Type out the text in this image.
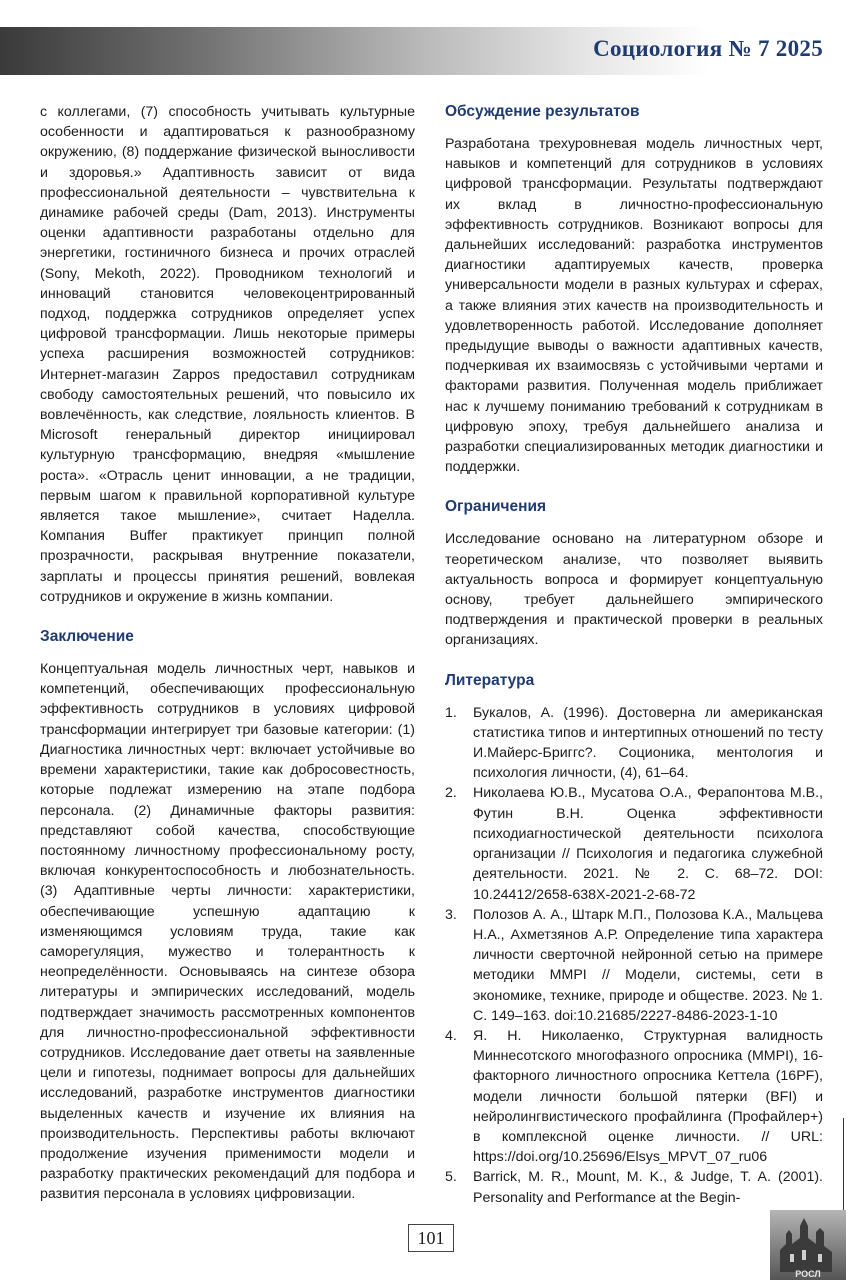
Социология № 7 2025

с коллегами, (7) способность учитывать культурные особенности и адаптироваться к разнообразному окружению, (8) поддержание физической выносливости и здоровья.» Адаптивность зависит от вида профессиональной деятельности – чувствительна к динамике рабочей среды (Dam, 2013). Инструменты оценки адаптивности разработаны отдельно для энергетики, гостиничного бизнеса и прочих отраслей (Sony, Mekoth, 2022). Проводником технологий и инноваций становится человекоцентрированный подход, поддержка сотрудников определяет успех цифровой трансформации. Лишь некоторые примеры успеха расширения возможностей сотрудников: Интернет-магазин Zappos предоставил сотрудникам свободу самостоятельных решений, что повысило их вовлечённость, как следствие, лояльность клиентов. В Microsoft генеральный директор инициировал культурную трансформацию, внедряя «мышление роста». «Отрасль ценит инновации, а не традиции, первым шагом к правильной корпоративной культуре является такое мышление», считает Наделла. Компания Buffer практикует принцип полной прозрачности, раскрывая внутренние показатели, зарплаты и процессы принятия решений, вовлекая сотрудников и окружение в жизнь компании.

Заключение

Концептуальная модель личностных черт, навыков и компетенций, обеспечивающих профессиональную эффективность сотрудников в условиях цифровой трансформации интегрирует три базовые категории: (1) Диагностика личностных черт: включает устойчивые во времени характеристики, такие как добросовестность, которые подлежат измерению на этапе подбора персонала. (2) Динамичные факторы развития: представляют собой качества, способствующие постоянному личностному профессиональному росту, включая конкурентоспособность и любознательность. (3) Адаптивные черты личности: характеристики, обеспечивающие успешную адаптацию к изменяющимся условиям труда, такие как саморегуляция, мужество и толерантность к неопределённости. Основываясь на синтезе обзора литературы и эмпирических исследований, модель подтверждает значимость рассмотренных компонентов для личностно-профессиональной эффективности сотрудников. Исследование дает ответы на заявленные цели и гипотезы, поднимает вопросы для дальнейших исследований, разработке инструментов диагностики выделенных качеств и изучение их влияния на производительность. Перспективы работы включают продолжение изучения применимости модели и разработку практических рекомендаций для подбора и развития персонала в условиях цифровизации.

Обсуждение результатов

Разработана трехуровневая модель личностных черт, навыков и компетенций для сотрудников в условиях цифровой трансформации. Результаты подтверждают их вклад в личностно-профессиональную эффективность сотрудников. Возникают вопросы для дальнейших исследований: разработка инструментов диагностики адаптируемых качеств, проверка универсальности модели в разных культурах и сферах, а также влияния этих качеств на производительность и удовлетворенность работой. Исследование дополняет предыдущие выводы о важности адаптивных качеств, подчеркивая их взаимосвязь с устойчивыми чертами и факторами развития. Полученная модель приближает нас к лучшему пониманию требований к сотрудникам в цифровую эпоху, требуя дальнейшего анализа и разработки специализированных методик диагностики и поддержки.

Ограничения

Исследование основано на литературном обзоре и теоретическом анализе, что позволяет выявить актуальность вопроса и формирует концептуальную основу, требует дальнейшего эмпирического подтверждения и практической проверки в реальных организациях.

Литература
1.	Букалов, А. (1996). Достоверна ли американская статистика типов и интертипных отношений по тесту И.Майерс-Бриггс?. Соционика, ментология и психология личности, (4), 61–64.
2.	Николаева Ю.В., Мусатова О.А., Ферапонтова М.В., Футин В.Н. Оценка эффективности психодиагностической деятельности психолога организации // Психология и педагогика служебной деятельности. 2021. № 2. С. 68–72. DOI: 10.24412/2658-638X-2021-2-68-72
3.	Полозов А. А., Штарк М.П., Полозова К.А., Мальцева Н.А., Ахметзянов А.Р. Определение типа характера личности сверточной нейронной сетью на примере методики MMPI // Модели, системы, сети в экономике, технике, природе и обществе. 2023. № 1. С. 149–163. doi:10.21685/2227-8486-2023-1-10
4.	Я. Н. Николаенко, Структурная валидность Миннесотского многофазного опросника (MMPI), 16-факторного личностного опросника Кеттела (16PF), модели личности большой пятерки (BFI) и нейролингвистического профайлинга (Профайлер+) в комплексной оценке личности. // URL: https://doi.org/10.25696/Elsys_MPVT_07_ru06
5.	Barrick, M. R., Mount, M. K., & Judge, T. A. (2001). Personality and Performance at the Begin-
101
РОСЛ
